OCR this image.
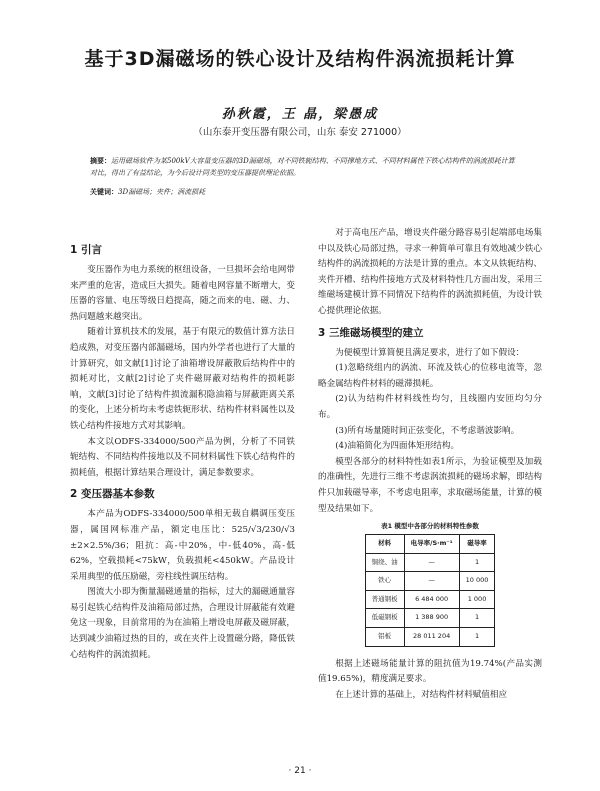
基于3D漏磁场的铁心设计及结构件涡流损耗计算
孙秋霞，王 晶，梁愚成
（山东泰开变压器有限公司，山东 泰安 271000）
摘要：运用磁场软件为某500kV大容量变压器的3D漏磁场，对不同铁轭结构、不同撑地方式、不同材料属性下铁心结构件的涡流损耗计算对比，得出了有益结论，为今后设计同类型的变压器提供理论依据。
关键词：3D漏磁场；夹件；涡流损耗
1 引言

变压器作为电力系统的枢纽设备，一旦损坏会给电网带来严重的危害，造成巨大损失。随着电网容量不断增大，变压器的容量、电压等级日趋提高，随之而来的电、磁、力、热问题越来越突出。

随着计算机技术的发展，基于有限元的数值计算方法日趋成熟，对变压器内部漏磁场，国内外学者也进行了大量的计算研究，如文献[1]讨论了油箱增设屏蔽散后结构件中的损耗对比，文献[2]讨论了夹件磁屏蔽对结构件的损耗影响，文献[3]讨论了结构件损流漏积隐油箱与屏蔽距离关系的变化，上述分析均未考虑铁轭形状、结构件材料属性以及铁心结构件接地方式对其影响。

本文以ODFS-334000/500产品为例，分析了不同铁轭结构、不同结构件接地以及不同材料属性下铁心结构件的损耗值，根据计算结果合理设计，满足参数要求。

2 变压器基本参数

本产品为ODFS-334000/500单相无载自耦调压变压器，属国网标准产品，额定电压比：525/√3/230/√3 ±2×2.5%/36；阻抗：高-中20%，中-低40%，高-低62%，空载损耗<75kW，负载损耗<450kW。产品设计采用典型的低压励磁，旁柱线性调压结构。

图流大小即为衡量漏磁通量的指标，过大的漏磁通量容易引起铁心结构件及油箱局部过热，合理设计屏蔽能有效避免这一现象，目前常用的为在油箱上增设电屏蔽及磁屏蔽，达到减少油箱过热的目的，或在夹件上设置磁分路，降低铁心结构件的涡流损耗。

对于高电压产品，增设夹件磁分路容易引起端部电场集中以及铁心局部过热，寻求一种简单可靠且有效地减少铁心结构件的涡流损耗的方法是计算的重点。本文从铁轭结构、夹件开槽、结构件接地方式及材料特性几方面出发，采用三维磁场建模计算不同情况下结构件的涡流损耗值，为设计铁心提供理论依据。

3 三维磁场模型的建立

为便模型计算简便且满足要求，进行了如下假设：

(1)忽略绕组内的涡流、环流及铁心的位移电流等，忽略金属结构件材料的磁滞损耗。

(2)认为结构件材料线性均匀，且线圈内安匝均匀分布。

(3)所有场量随时间正弦变化，不考虑谐波影响。

(4)油箱简化为四面体矩形结构。

模型各部分的材料特性如表1所示，为验证模型及加载的准确性，先进行三维不考虑涡流损耗的磁场求解，即结构件只加载磁导率，不考虑电阻率，求取磁场能量，计算的模型及结果如下。

表1 模型中各部分的材料特性参数
材料	电导率/S·m⁻¹	磁导率
铜绕、油	—	1
铁心	—	10 000
普通钢板	6 484 000	1 000
低磁钢板	1 388 900	1
铝板	28 011 204	1

根据上述磁场能量计算的阻抗值为19.74%(产品实测值19.65%)，精度满足要求。

在上述计算的基础上，对结构件材料赋值相应

· 21 ·
